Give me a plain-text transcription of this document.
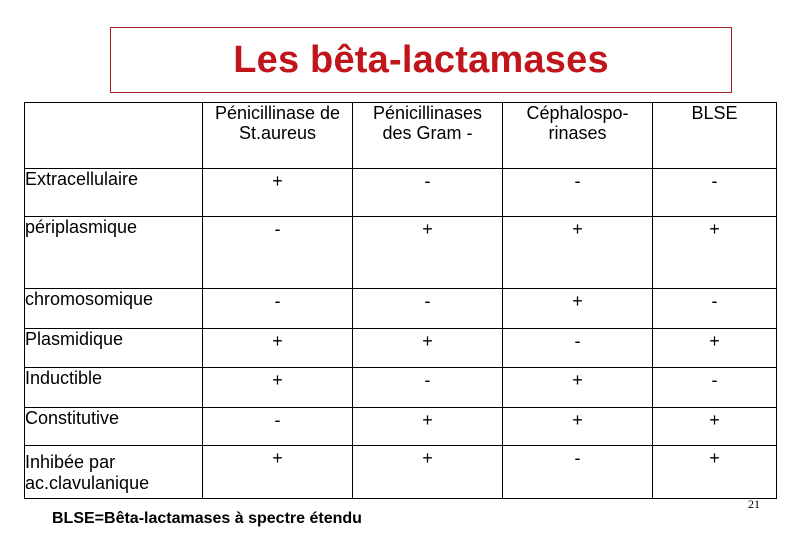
Les bêta-lactamases
	Pénicillinase de St.aureus	Pénicillinases des Gram -	Céphalospo-rinases	BLSE
Extracellulaire	+	-	-	-
périplasmique	-	+	+	+
chromosomique	-	-	+	-
Plasmidique	+	+	-	+
Inductible	+	-	+	-
Constitutive	-	+	+	+
Inhibée par ac.clavulanique	+	+	-	+
BLSE=Bêta-lactamases à spectre étendu
21
